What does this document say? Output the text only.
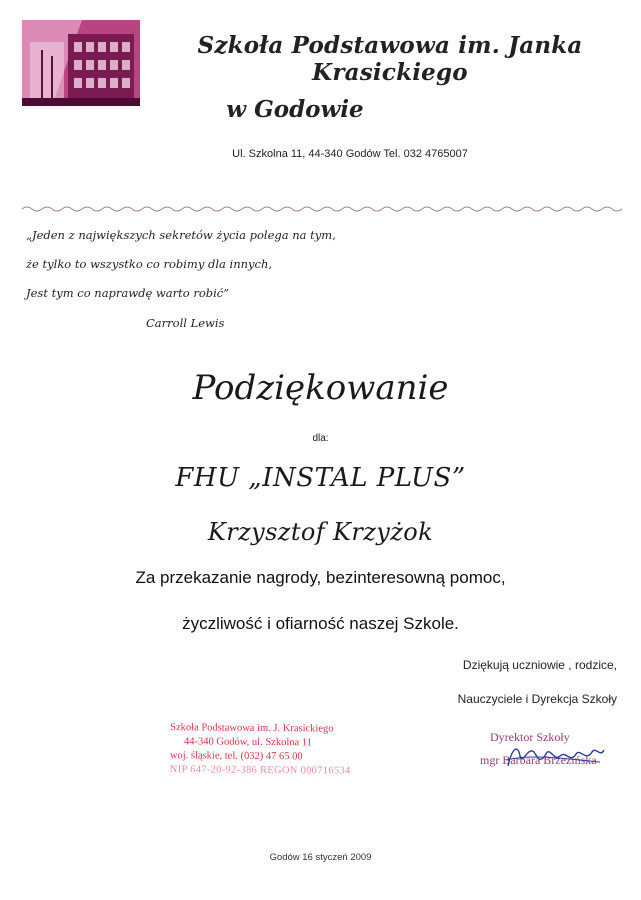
Szkoła Podstawowa im. Janka Krasickiego
w Godowie
Ul. Szkolna 11, 44-340 Godów Tel. 032 4765007
„Jeden z największych sekretów życia polega na tym,
że tylko to wszystko co robimy dla innych,
Jest tym co naprawdę warto robić”
Carroll Lewis
Podziękowanie
dla:
FHU „INSTAL PLUS”
Krzysztof Krzyżok
Za przekazanie nagrody, bezinteresowną pomoc,
życzliwość i ofiarność naszej Szkole.
Dziękują uczniowie , rodzice,
Nauczyciele i Dyrekcja Szkoły
Szkoła Podstawowa im. J. Krasickiego
44-340 Godów, ul. Szkolna 11
woj. śląskie, tel. (032) 47 65 00
NIP 647-20-92-386 REGON 000716534
Dyrektor Szkoły
mgr Barbara Brzezińska
Godów 16 styczeń 2009
